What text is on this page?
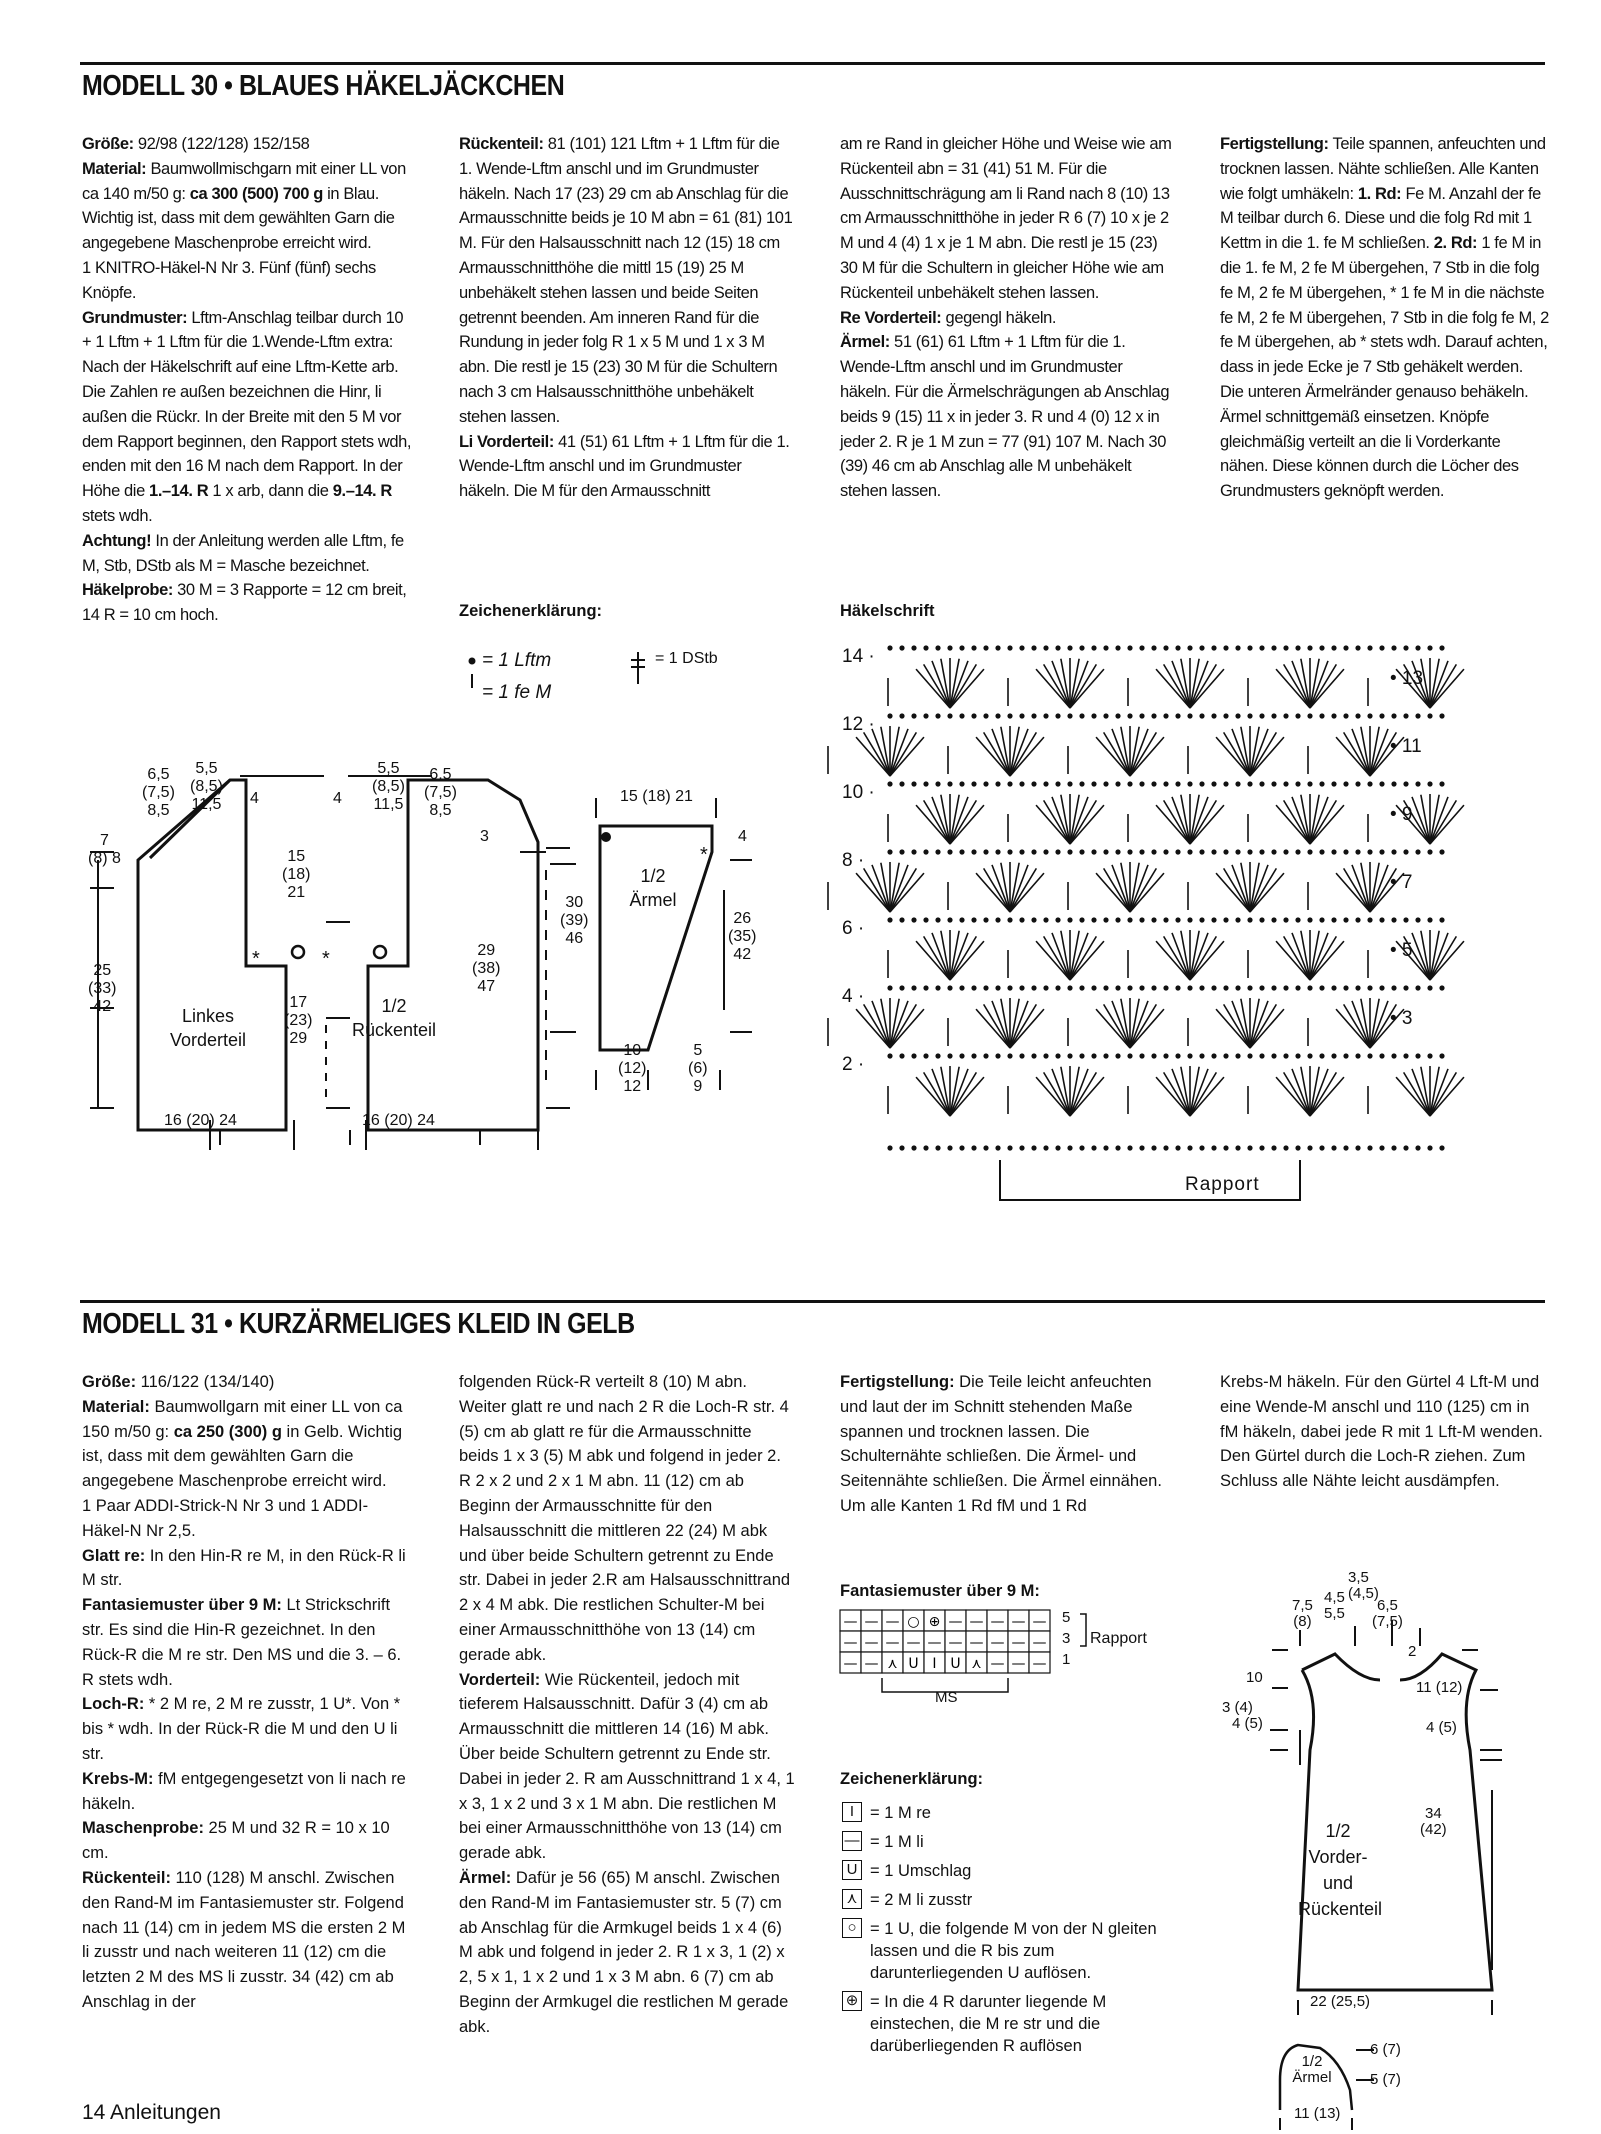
MODELL 30 • BLAUES HÄKELJÄCKCHEN

Größe: 92/98 (122/128) 152/158

Material: Baumwollmischgarn mit einer LL von ca 140 m/50 g: ca 300 (500) 700 g in Blau. Wichtig ist, dass mit dem gewählten Garn die angegebene Maschenprobe erreicht wird.

1 KNITRO-Häkel-N Nr 3. Fünf (fünf) sechs Knöpfe.

Grundmuster: Lftm-Anschlag teilbar durch 10 + 1 Lftm + 1 Lftm für die 1.Wende-Lftm extra: Nach der Häkelschrift auf eine Lftm-Kette arb. Die Zahlen re außen bezeichnen die Hinr, li außen die Rückr. In der Breite mit den 5 M vor dem Rapport beginnen, den Rapport stets wdh, enden mit den 16 M nach dem Rapport. In der Höhe die 1.–14. R 1 x arb, dann die 9.–14. R stets wdh.

Achtung! In der Anleitung werden alle Lftm, fe M, Stb, DStb als M = Masche bezeichnet.

Häkelprobe: 30 M = 3 Rapporte = 12 cm breit, 14 R = 10 cm hoch.

Rückenteil: 81 (101) 121 Lftm + 1 Lftm für die 1. Wende-Lftm anschl und im Grundmuster häkeln. Nach 17 (23) 29 cm ab Anschlag für die Armausschnitte beids je 10 M abn = 61 (81) 101 M. Für den Halsausschnitt nach 12 (15) 18 cm Armausschnitthöhe die mittl 15 (19) 25 M unbehäkelt stehen lassen und beide Seiten getrennt beenden. Am inneren Rand für die Rundung in jeder folg R 1 x 5 M und 1 x 3 M abn. Die restl je 15 (23) 30 M für die Schultern nach 3 cm Halsausschnitthöhe unbehäkelt stehen lassen.

Li Vorderteil: 41 (51) 61 Lftm + 1 Lftm für die 1. Wende-Lftm anschl und im Grundmuster häkeln. Die M für den Armausschnitt

am re Rand in gleicher Höhe und Weise wie am Rückenteil abn = 31 (41) 51 M. Für die Ausschnittschrägung am li Rand nach 8 (10) 13 cm Armausschnitthöhe in jeder R 6 (7) 10 x je 2 M und 4 (4) 1 x je 1 M abn. Die restl je 15 (23) 30 M für die Schultern in gleicher Höhe wie am Rückenteil unbehäkelt stehen lassen.

Re Vorderteil: gegengl häkeln.

Ärmel: 51 (61) 61 Lftm + 1 Lftm für die 1. Wende-Lftm anschl und im Grundmuster häkeln. Für die Ärmelschrägungen ab Anschlag beids 9 (15) 11 x in jeder 3. R und 4 (0) 12 x in jeder 2. R je 1 M zun = 77 (91) 107 M. Nach 30 (39) 46 cm ab Anschlag alle M unbehäkelt stehen lassen.

Fertigstellung: Teile spannen, anfeuchten und trocknen lassen. Nähte schließen. Alle Kanten wie folgt umhäkeln: 1. Rd: Fe M. Anzahl der fe M teilbar durch 6. Diese und die folg Rd mit 1 Kettm in die 1. fe M schließen. 2. Rd: 1 fe M in die 1. fe M, 2 fe M übergehen, 7 Stb in die folg fe M, 2 fe M übergehen, * 1 fe M in die nächste fe M, 2 fe M übergehen, 7 Stb in die folg fe M, 2 fe M übergehen, ab * stets wdh. Darauf achten, dass in jede Ecke je 7 Stb gehäkelt werden. Die unteren Ärmelränder genauso behäkeln. Ärmel schnittgemäß einsetzen. Knöpfe gleichmäßig verteilt an die li Vorderkante nähen. Diese können durch die Löcher des Grundmusters geknöpft werden.

Zeichenerklärung:
= 1 Lftm
= 1 fe M
= 1 DStb
Häkelschrift
14 ·
12 ·
10 ·
8 ·
6 ·
4 ·
2 ·
• 13
• 11
• 9
• 7
• 5
• 3
Rapport
6,5
(7,5)
8,5
5,5
(8,5)
11,5 4	4
5,5
(8,5)
11,5
6,5
(7,5)
8,5
7
(8) 8	15
(18)
21
3
25
(33)
42	17
(23)
29
29
(38)
47
Linkes Vorderteil
1/2 Rückenteil
*	*
16 (20) 24	16 (20) 24
15 (18) 21
4
*
1/2 Ärmel
30
(39)
46
26
(35)
42
10
(12)
12
5
(6)
9
MODELL 31 • KURZÄRMELIGES KLEID IN GELB

Größe: 116/122 (134/140)

Material: Baumwollgarn mit einer LL von ca 150 m/50 g: ca 250 (300) g in Gelb. Wichtig ist, dass mit dem gewählten Garn die angegebene Maschenprobe erreicht wird.

1 Paar ADDI-Strick-N Nr 3 und 1 ADDI-Häkel-N Nr 2,5.

Glatt re: In den Hin-R re M, in den Rück-R li M str.

Fantasiemuster über 9 M: Lt Strickschrift str. Es sind die Hin-R gezeichnet. In den Rück-R die M re str. Den MS und die 3. – 6. R stets wdh.

Loch-R: * 2 M re, 2 M re zusstr, 1 U*. Von * bis * wdh. In der Rück-R die M und den U li str.

Krebs-M: fM entgegengesetzt von li nach re häkeln.

Maschenprobe: 25 M und 32 R = 10 x 10 cm.

Rückenteil: 110 (128) M anschl. Zwischen den Rand-M im Fantasiemuster str. Folgend nach 11 (14) cm in jedem MS die ersten 2 M li zusstr und nach weiteren 11 (12) cm die letzten 2 M des MS li zusstr. 34 (42) cm ab Anschlag in der

folgenden Rück-R verteilt 8 (10) M abn. Weiter glatt re und nach 2 R die Loch-R str. 4 (5) cm ab glatt re für die Armausschnitte beids 1 x 3 (5) M abk und folgend in jeder 2. R 2 x 2 und 2 x 1 M abn. 11 (12) cm ab Beginn der Armausschnitte für den Halsausschnitt die mittleren 22 (24) M abk und über beide Schultern getrennt zu Ende str. Dabei in jeder 2.R am Halsausschnittrand 2 x 4 M abk. Die restlichen Schulter-M bei einer Armausschnitthöhe von 13 (14) cm gerade abk.

Vorderteil: Wie Rückenteil, jedoch mit tieferem Halsausschnitt. Dafür 3 (4) cm ab Armausschnitt die mittleren 14 (16) M abk. Über beide Schultern getrennt zu Ende str. Dabei in jeder 2. R am Ausschnittrand 1 x 4, 1 x 3, 1 x 2 und 3 x 1 M abn. Die restlichen M bei einer Armausschnitthöhe von 13 (14) cm gerade abk.

Ärmel: Dafür je 56 (65) M anschl. Zwischen den Rand-M im Fantasiemuster str. 5 (7) cm ab Anschlag für die Armkugel beids 1 x 4 (6) M abk und folgend in jeder 2. R 1 x 3, 1 (2) x 2, 5 x 1, 1 x 2 und 1 x 3 M abn. 6 (7) cm ab Beginn der Armkugel die restlichen M gerade abk.

Fertigstellung: Die Teile leicht anfeuchten und laut der im Schnitt stehenden Maße spannen und trocknen lassen. Die Schulternähte schließen. Die Ärmel- und Seitennähte schließen. Die Ärmel einnähen. Um alle Kanten 1 Rd fM und 1 Rd

Krebs-M häkeln. Für den Gürtel 4 Lft-M und eine Wende-M anschl und 110 (125) cm in fM häkeln, dabei jede R mit 1 Lft-M wenden. Den Gürtel durch die Loch-R ziehen. Zum Schluss alle Nähte leicht ausdämpfen.

Fantasiemuster über 9 M:
— — — ○ ⊕ — — — — —
— — — — — — — — — —
— — ⋏ U I U ⋏ — — —
5
3
1
Rapport
MS
Zeichenerklärung:
I = 1 M re
— = 1 M li
U = 1 Umschlag
⋏ = 2 M li zusstr
○ = 1 U, die folgende M von der N gleiten lassen und die R bis zum darunterliegenden U auflösen.
⊕ = In die 4 R darunter liegende M einstechen, die M re str und die darüberliegenden R auflösen
3,5
7,5
(8)
4,5
5,5
(4,5)
6,5
(7,5)
2
10
11 (12)
3 (4)
4 (5)	4 (5)
1/2 Vorder- und Rückenteil
34
(42)
22 (25,5)
1/2 Ärmel
6 (7)
5 (7)
11 (13)
14 Anleitungen
